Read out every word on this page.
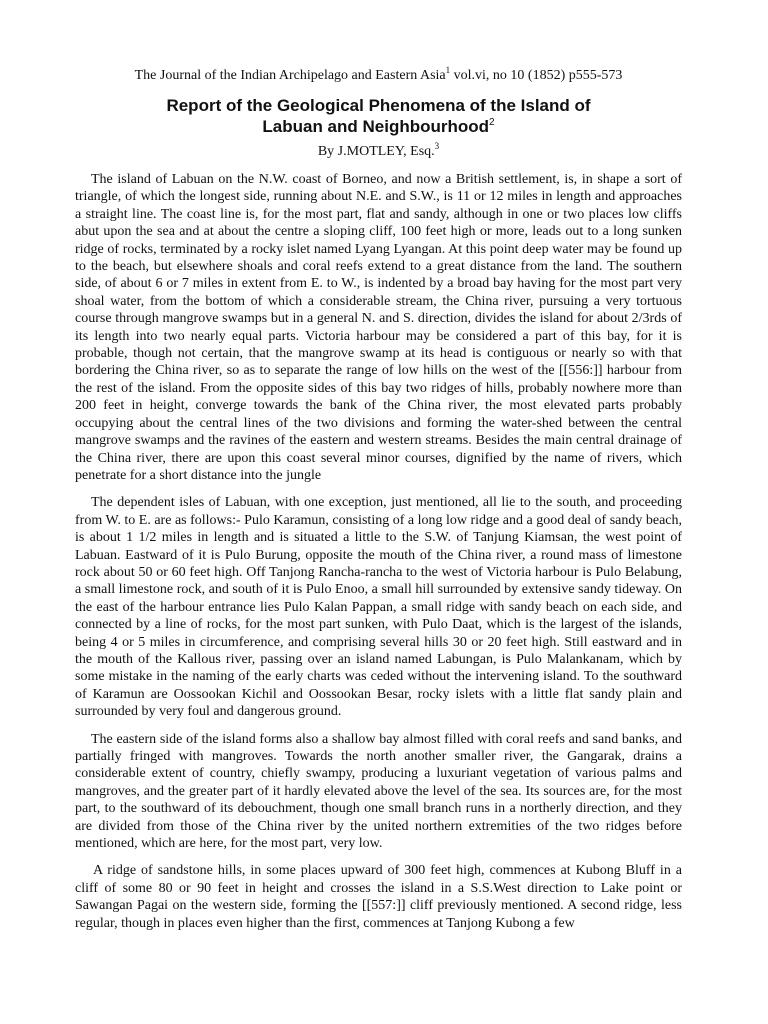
The Journal of the Indian Archipelago and Eastern Asia$^1$ vol.vi, no 10 (1852) p555-573
Report of the Geological Phenomena of the Island of
Labuan and Neighbourhood$^2$
By J.MOTLEY, Esq.$^3$

The island of Labuan on the N.W. coast of Borneo, and now a British settlement, is, in shape a sort of triangle, of which the longest side, running about N.E. and S.W., is 11 or 12 miles in length and approaches a straight line. The coast line is, for the most part, flat and sandy, although in one or two places low cliffs abut upon the sea and at about the centre a sloping cliff, 100 feet high or more, leads out to a long sunken ridge of rocks, terminated by a rocky islet named Lyang Lyangan. At this point deep water may be found up to the beach, but elsewhere shoals and coral reefs extend to a great distance from the land. The southern side, of about 6 or 7 miles in extent from E. to W., is indented by a broad bay having for the most part very shoal water, from the bottom of which a considerable stream, the China river, pursuing a very tortuous course through mangrove swamps but in a general N. and S. direction, divides the island for about 2/3rds of its length into two nearly equal parts. Victoria harbour may be considered a part of this bay, for it is probable, though not certain, that the mangrove swamp at its head is contiguous or nearly so with that bordering the China river, so as to separate the range of low hills on the west of the [[556:]] harbour from the rest of the island. From the opposite sides of this bay two ridges of hills, probably nowhere more than 200 feet in height, converge towards the bank of the China river, the most elevated parts probably occupying about the central lines of the two divisions and forming the water-shed between the central mangrove swamps and the ravines of the eastern and western streams. Besides the main central drainage of the China river, there are upon this coast several minor courses, dignified by the name of rivers, which penetrate for a short distance into the jungle

The dependent isles of Labuan, with one exception, just mentioned, all lie to the south, and proceeding from W. to E. are as follows:- Pulo Karamun, consisting of a long low ridge and a good deal of sandy beach, is about 1 1/2 miles in length and is situated a little to the S.W. of Tanjung Kiamsan, the west point of Labuan. Eastward of it is Pulo Burung, opposite the mouth of the China river, a round mass of limestone rock about 50 or 60 feet high. Off Tanjong Rancha-rancha to the west of Victoria harbour is Pulo Belabung, a small limestone rock, and south of it is Pulo Enoo, a small hill surrounded by extensive sandy tideway. On the east of the harbour entrance lies Pulo Kalan Pappan, a small ridge with sandy beach on each side, and connected by a line of rocks, for the most part sunken, with Pulo Daat, which is the largest of the islands, being 4 or 5 miles in circumference, and comprising several hills 30 or 20 feet high. Still eastward and in the mouth of the Kallous river, passing over an island named Labungan, is Pulo Malankanam, which by some mistake in the naming of the early charts was ceded without the intervening island. To the southward of Karamun are Oossookan Kichil and Oossookan Besar, rocky islets with a little flat sandy plain and surrounded by very foul and dangerous ground.

The eastern side of the island forms also a shallow bay almost filled with coral reefs and sand banks, and partially fringed with mangroves. Towards the north another smaller river, the Gangarak, drains a considerable extent of country, chiefly swampy, producing a luxuriant vegetation of various palms and mangroves, and the greater part of it hardly elevated above the level of the sea. Its sources are, for the most part, to the southward of its debouchment, though one small branch runs in a northerly direction, and they are divided from those of the China river by the united northern extremities of the two ridges before mentioned, which are here, for the most part, very low.

A ridge of sandstone hills, in some places upward of 300 feet high, commences at Kubong Bluff in a cliff of some 80 or 90 feet in height and crosses the island in a S.S.West direction to Lake point or Sawangan Pagai on the western side, forming the [[557:]] cliff previously mentioned. A second ridge, less regular, though in places even higher than the first, commences at Tanjong Kubong a few
